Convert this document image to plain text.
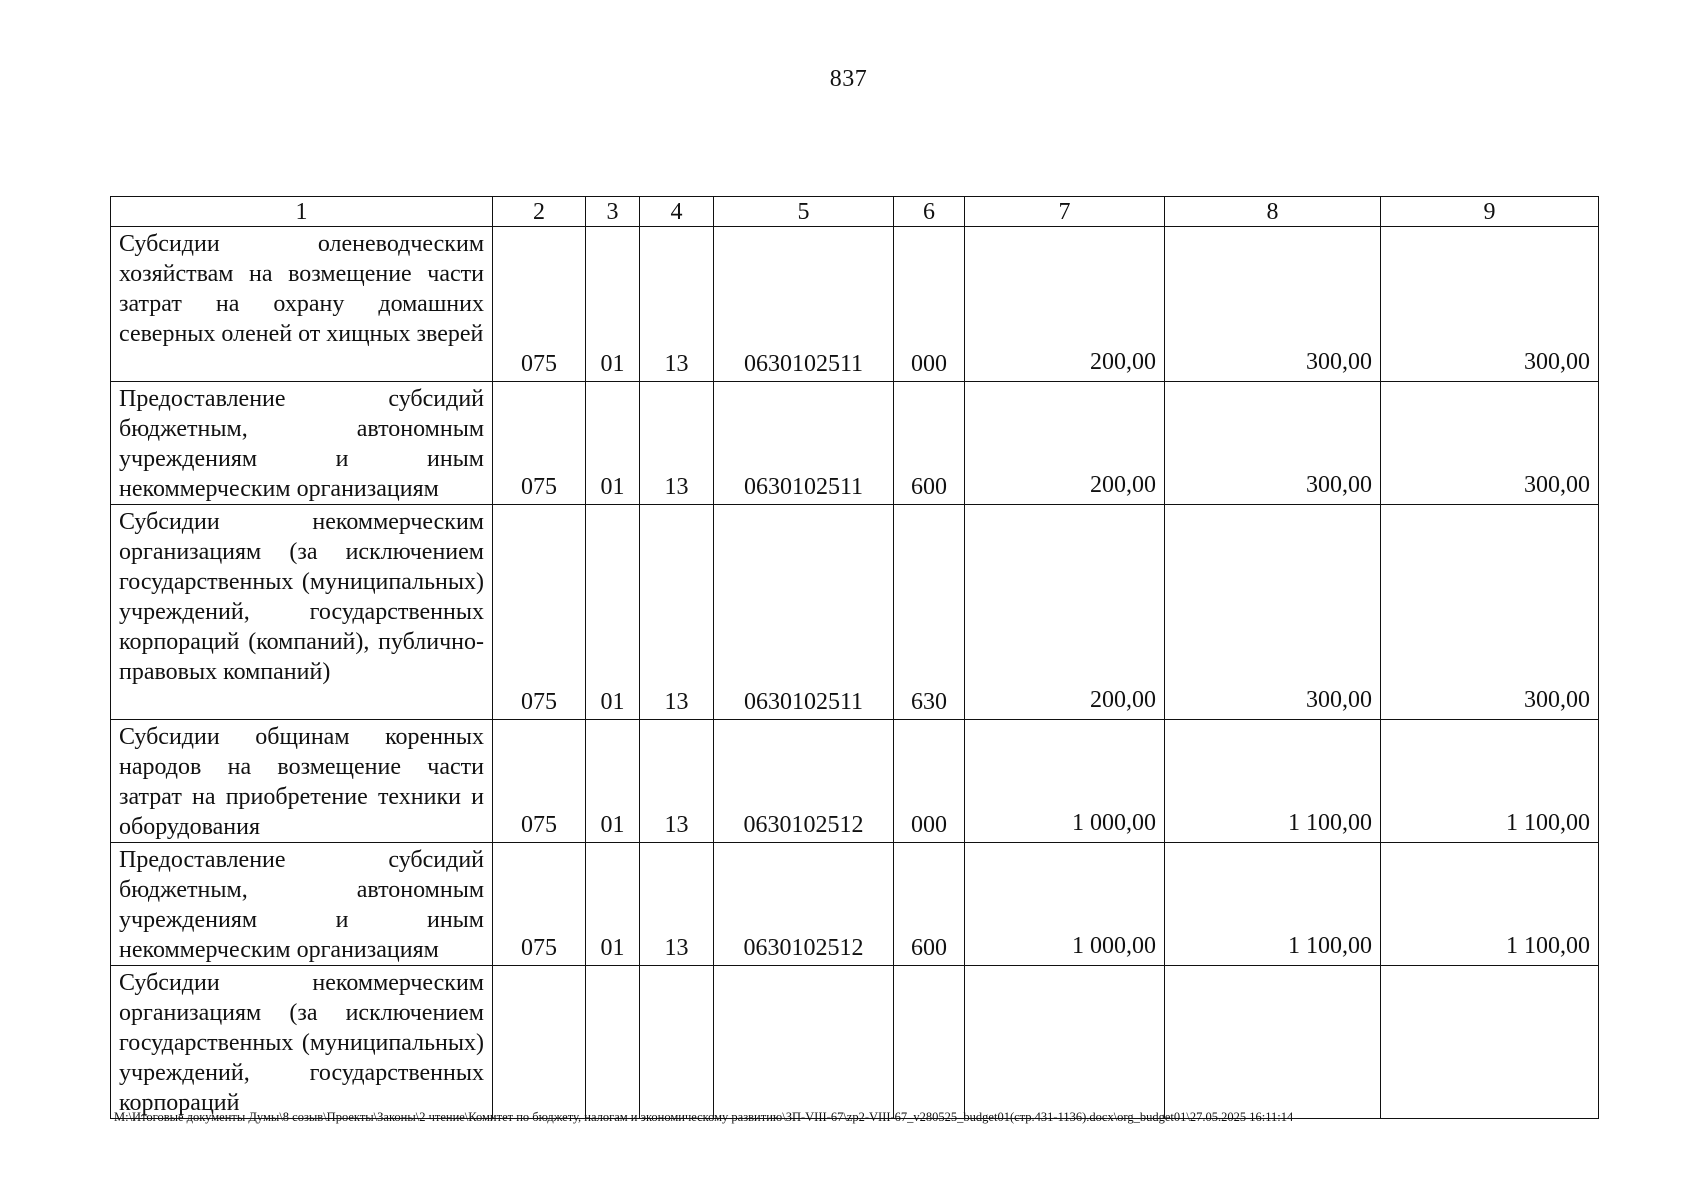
837
1	2	3	4	5	6	7	8	9
Субсидии оленеводческим хозяйствам на возмещение части затрат на охрану домашних северных оленей от хищных зверей	075	01	13	0630102511	000	200,00	300,00	300,00
Предоставление субсидий бюджетным, автономным учреждениям и иным некоммерческим организациям	075	01	13	0630102511	600	200,00	300,00	300,00
Субсидии некоммерческим организациям (за исключением государственных (муниципальных) учреждений, государственных корпораций (компаний), публично-правовых компаний)	075	01	13	0630102511	630	200,00	300,00	300,00
Субсидии общинам коренных народов на возмещение части затрат на приобретение техники и оборудования	075	01	13	0630102512	000	1 000,00	1 100,00	1 100,00
Предоставление субсидий бюджетным, автономным учреждениям и иным некоммерческим организациям	075	01	13	0630102512	600	1 000,00	1 100,00	1 100,00
Субсидии некоммерческим организациям (за исключением государственных (муниципальных) учреждений, государственных корпораций								
M:\Итоговые документы Думы\8 созыв\Проекты\Законы\2 чтение\Комитет по бюджету, налогам и экономическому развитию\ЗП-VIII-67\zp2-VIII-67_v280525_budget01(стр.431-1136).docx\org_budget01\27.05.2025 16:11:14
